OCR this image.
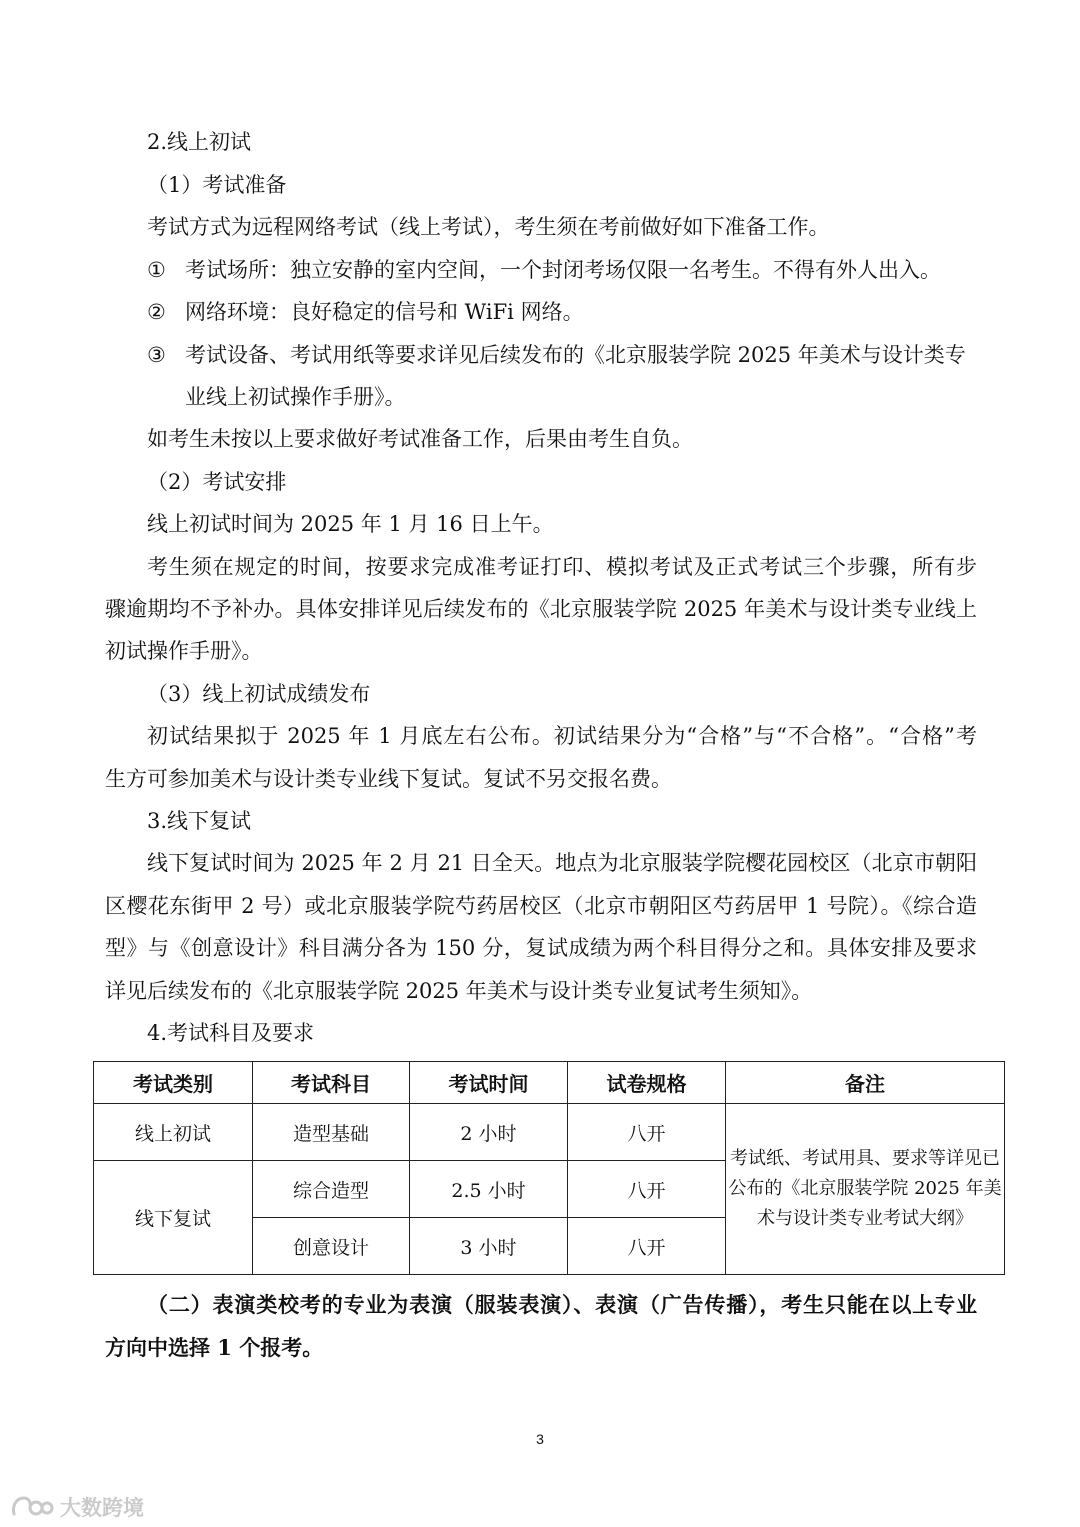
2.线上初试
（1）考试准备
考试方式为远程网络考试（线上考试），考生须在考前做好如下准备工作。
① 考试场所：独立安静的室内空间，一个封闭考场仅限一名考生。不得有外人出入。
② 网络环境：良好稳定的信号和 WiFi 网络。
③ 考试设备、考试用纸等要求详见后续发布的《北京服装学院 2025 年美术与设计类专
业线上初试操作手册》。
如考生未按以上要求做好考试准备工作，后果由考生自负。
（2）考试安排
线上初试时间为 2025 年 1 月 16 日上午。
考生须在规定的时间，按要求完成准考证打印、模拟考试及正式考试三个步骤，所有步
骤逾期均不予补办。具体安排详见后续发布的《北京服装学院 2025 年美术与设计类专业线上
初试操作手册》。
（3）线上初试成绩发布
初试结果拟于 2025 年 1 月底左右公布。初试结果分为“合格”与“不合格”。“合格”考
生方可参加美术与设计类专业线下复试。复试不另交报名费。
3.线下复试
线下复试时间为 2025 年 2 月 21 日全天。地点为北京服装学院樱花园校区（北京市朝阳
区樱花东街甲 2 号）或北京服装学院芍药居校区（北京市朝阳区芍药居甲 1 号院）。《综合造
型》与《创意设计》科目满分各为 150 分，复试成绩为两个科目得分之和。具体安排及要求
详见后续发布的《北京服装学院 2025 年美术与设计类专业复试考生须知》。
4.考试科目及要求
考试类别	考试科目	考试时间	试卷规格	备注
线上初试	造型基础	2 小时	八开	考试纸、考试用具、要求等详见已公布的《北京服装学院 2025 年美术与设计类专业考试大纲》
线下复试	综合造型	2.5 小时	八开	
	创意设计	3 小时	八开	
（二）表演类校考的专业为表演（服装表演）、表演（广告传播），考生只能在以上专业
方向中选择 1 个报考。
3
大数跨境
